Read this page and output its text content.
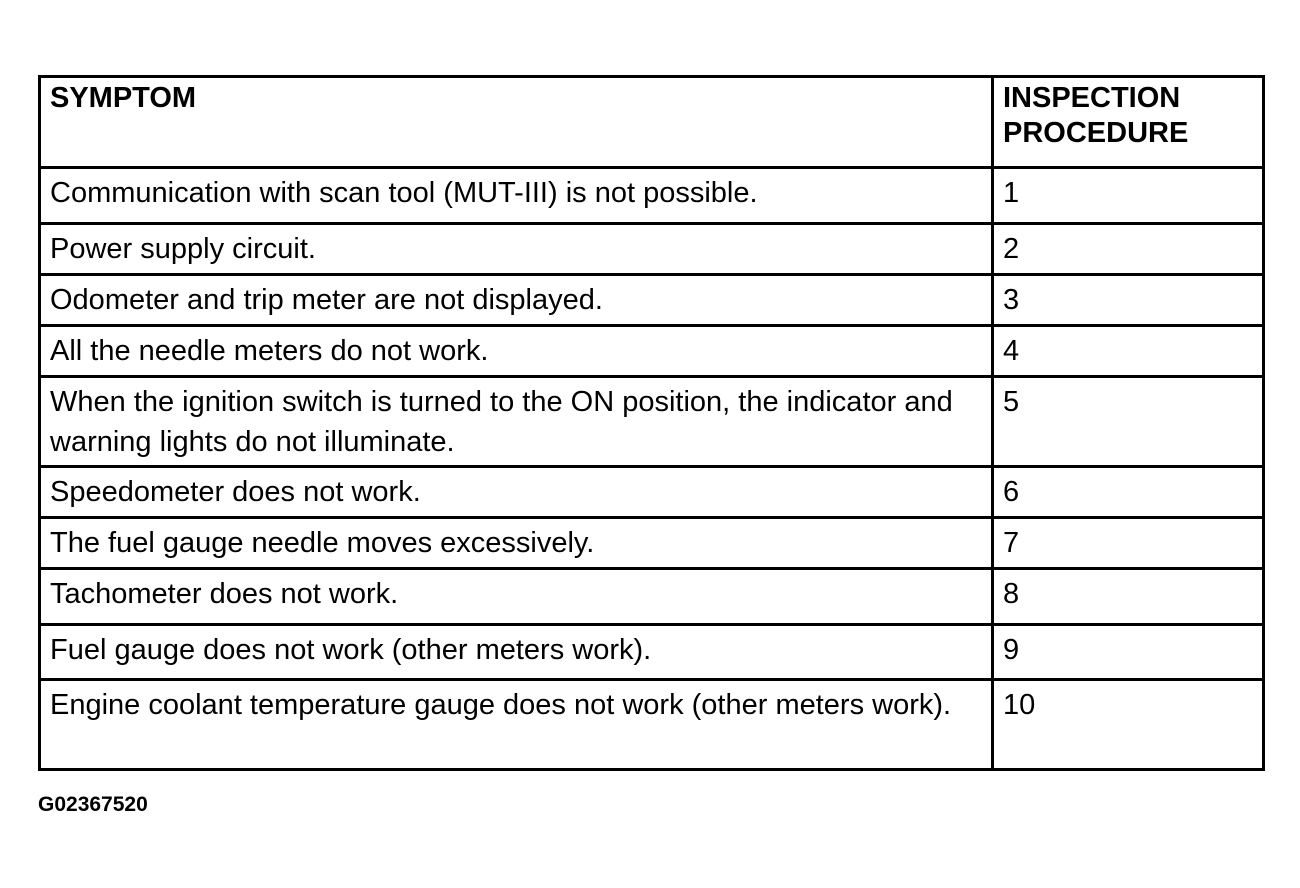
SYMPTOM	INSPECTION PROCEDURE
Communication with scan tool (MUT-III) is not possible.	1
Power supply circuit.	2
Odometer and trip meter are not displayed.	3
All the needle meters do not work.	4
When the ignition switch is turned to the ON position, the indicator and warning lights do not illuminate.	5
Speedometer does not work.	6
The fuel gauge needle moves excessively.	7
Tachometer does not work.	8
Fuel gauge does not work (other meters work).	9
Engine coolant temperature gauge does not work (other meters work).	10
G02367520
